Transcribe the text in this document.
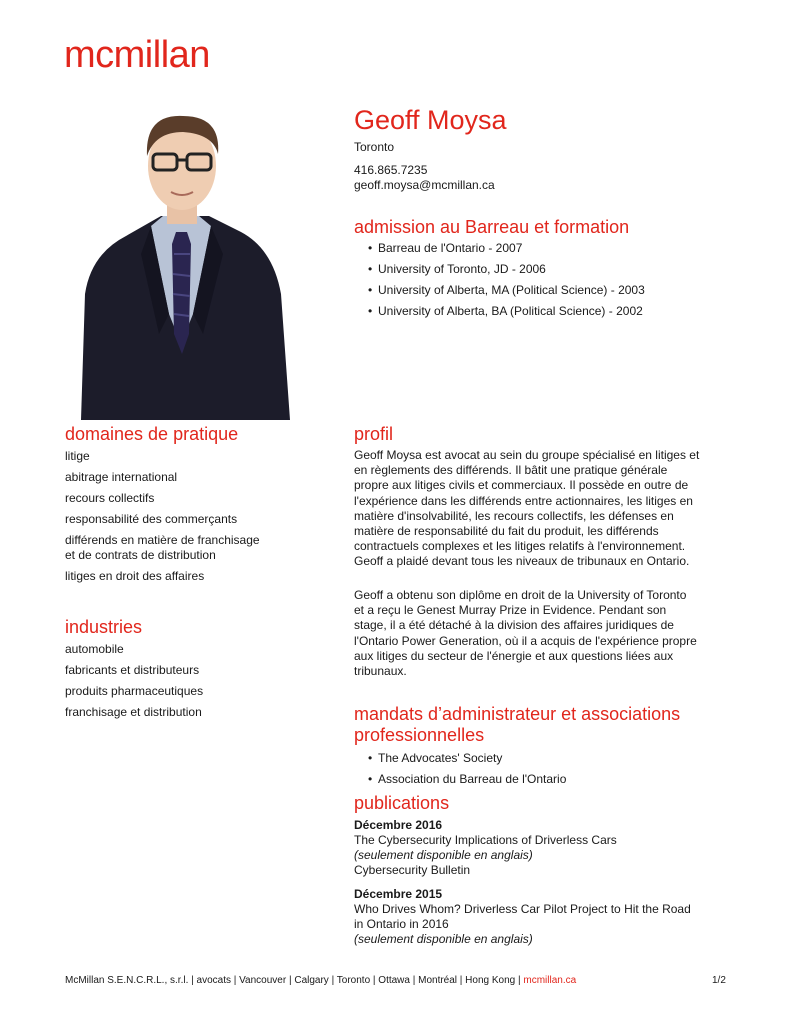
mcmillan
Geoff Moysa
Toronto
416.865.7235
geoff.moysa@mcmillan.ca
admission au Barreau et formation
• Barreau de l'Ontario - 2007
• University of Toronto, JD - 2006
• University of Alberta, MA (Political Science) - 2003
• University of Alberta, BA (Political Science) - 2002
domaines de pratique
litige
abitrage international
recours collectifs
responsabilité des commerçants
différends en matière de franchisage
et de contrats de distribution
litiges en droit des affaires
industries
automobile
fabricants et distributeurs
produits pharmaceutiques
franchisage et distribution
profil
Geoff Moysa est avocat au sein du groupe spécialisé en litiges et
en règlements des différends. Il bâtit une pratique générale
propre aux litiges civils et commerciaux. Il possède en outre de
l'expérience dans les différends entre actionnaires, les litiges en
matière d'insolvabilité, les recours collectifs, les défenses en
matière de responsabilité du fait du produit, les différends
contractuels complexes et les litiges relatifs à l'environnement.
Geoff a plaidé devant tous les niveaux de tribunaux en Ontario.
Geoff a obtenu son diplôme en droit de la University of Toronto
et a reçu le Genest Murray Prize in Evidence. Pendant son
stage, il a été détaché à la division des affaires juridiques de
l'Ontario Power Generation, où il a acquis de l'expérience propre
aux litiges du secteur de l'énergie et aux questions liées aux
tribunaux.
mandats d’administrateur et associations
professionnelles
• The Advocates' Society
• Association du Barreau de l'Ontario
publications
Décembre 2016
The Cybersecurity Implications of Driverless Cars
(seulement disponible en anglais)
Cybersecurity Bulletin
Décembre 2015
Who Drives Whom? Driverless Car Pilot Project to Hit the Road
in Ontario in 2016
(seulement disponible en anglais)
McMillan S.E.N.C.R.L., s.r.l. | avocats | Vancouver | Calgary | Toronto | Ottawa | Montréal | Hong Kong | mcmillan.ca	1/2
